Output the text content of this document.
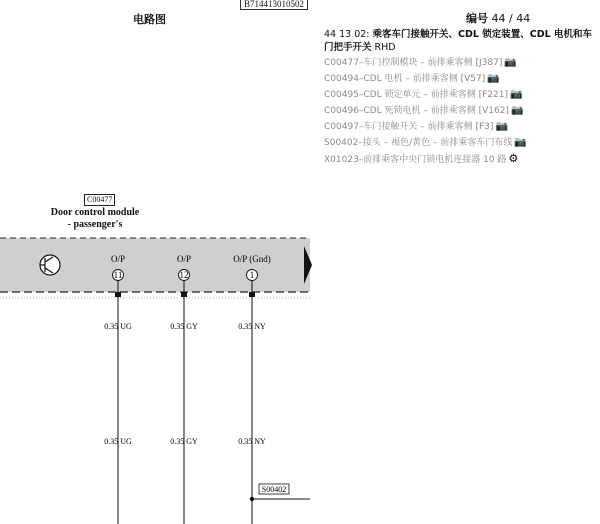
B714413010502
电路图	编号 44 / 44
44 13 02: 乘客车门接触开关、CDL 锁定装置、CDL 电机和车门把手开关 RHD
C00477–车门控制模块 – 前排乘客侧 [J387] 📷
C00494–CDL 电机 – 前排乘客侧 [V57] 📷
C00495–CDL 锁定单元 – 前排乘客侧 [F221] 📷
C00496–CDL 死锁电机 – 前排乘客侧 [V162] 📷
C00497–车门接触开关 – 前排乘客侧 [F3] 📷
S00402–接头 – 褐色/黄色 – 前排乘客车门布线 📷
X01023–前排乘客中央门锁电机连接器 10 路 ⚙
C00477
Door control module
- passenger's
O/P
11
O/P
12
O/P (Gnd)
1
0.35 UG	0.35 GY	0.35 NY
0.35 UG	0.35 GY	0.35 NY
S00402
